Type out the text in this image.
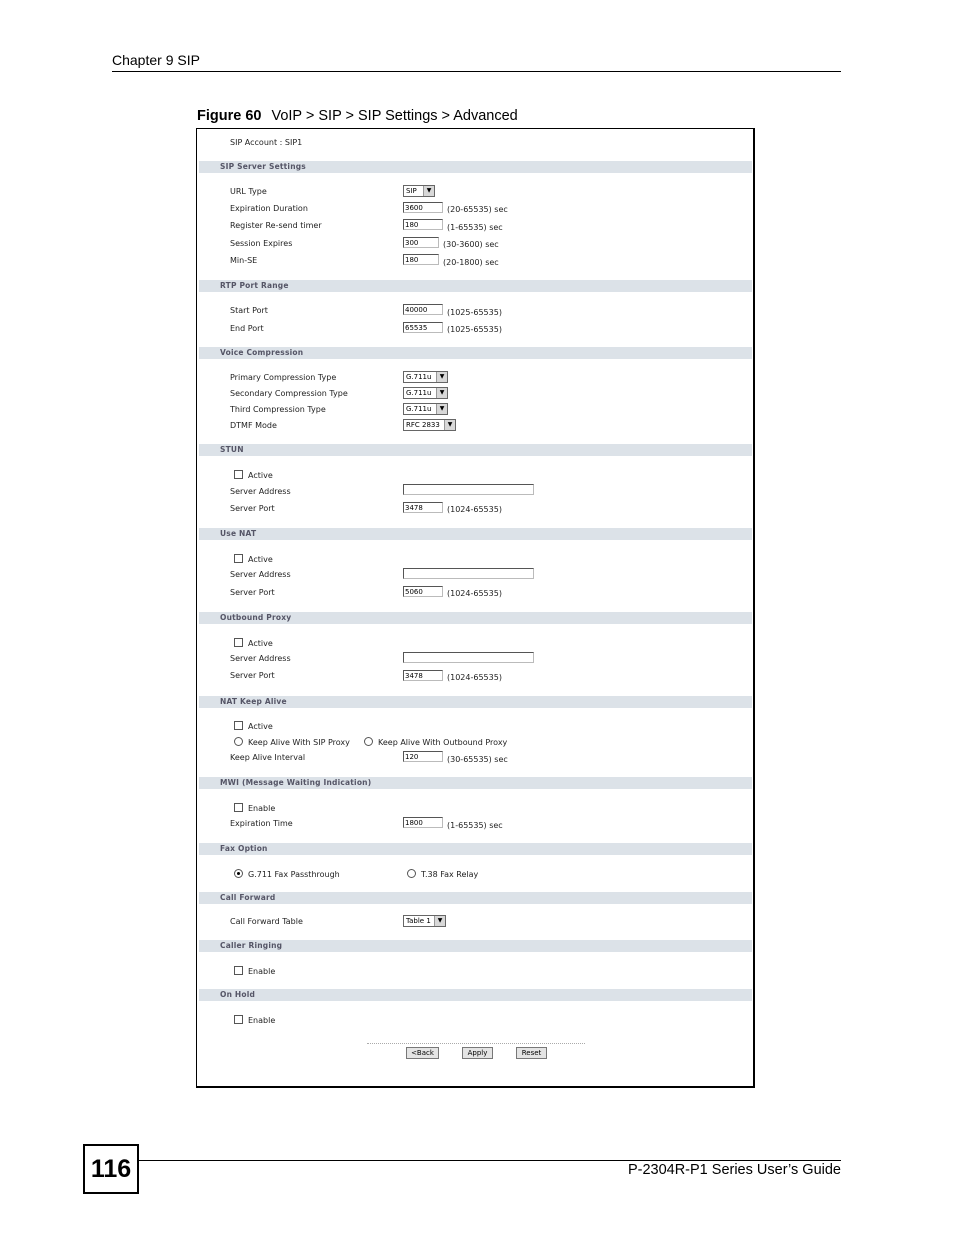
Chapter 9 SIP
Figure 60 VoIP > SIP > SIP Settings > Advanced
SIP Account : SIP1
SIP Server Settings
URL Type	SIP	▼
Expiration Duration	3600	(20-65535) sec
Register Re-send timer	180	(1-65535) sec
Session Expires	300	(30-3600) sec
Min-SE	180	(20-1800) sec
RTP Port Range
Start Port	40000	(1025-65535)
End Port	65535	(1025-65535)
Voice Compression
Primary Compression Type	G.711u	▼
Secondary Compression Type	G.711u	▼
Third Compression Type	G.711u	▼
DTMF Mode	RFC 2833	▼
STUN
Active
Server Address
Server Port	3478	(1024-65535)
Use NAT
Active
Server Address
Server Port	5060	(1024-65535)
Outbound Proxy
Active
Server Address
Server Port	3478	(1024-65535)
NAT Keep Alive
Active
Keep Alive With SIP Proxy	Keep Alive With Outbound Proxy
Keep Alive Interval	120	(30-65535) sec
MWI (Message Waiting Indication)
Enable
Expiration Time	1800	(1-65535) sec
Fax Option
G.711 Fax Passthrough	T.38 Fax Relay
Call Forward
Call Forward Table	Table 1	▼
Caller Ringing
Enable
On Hold
Enable
<Back	Apply	Reset
116	P-2304R-P1 Series User’s Guide
